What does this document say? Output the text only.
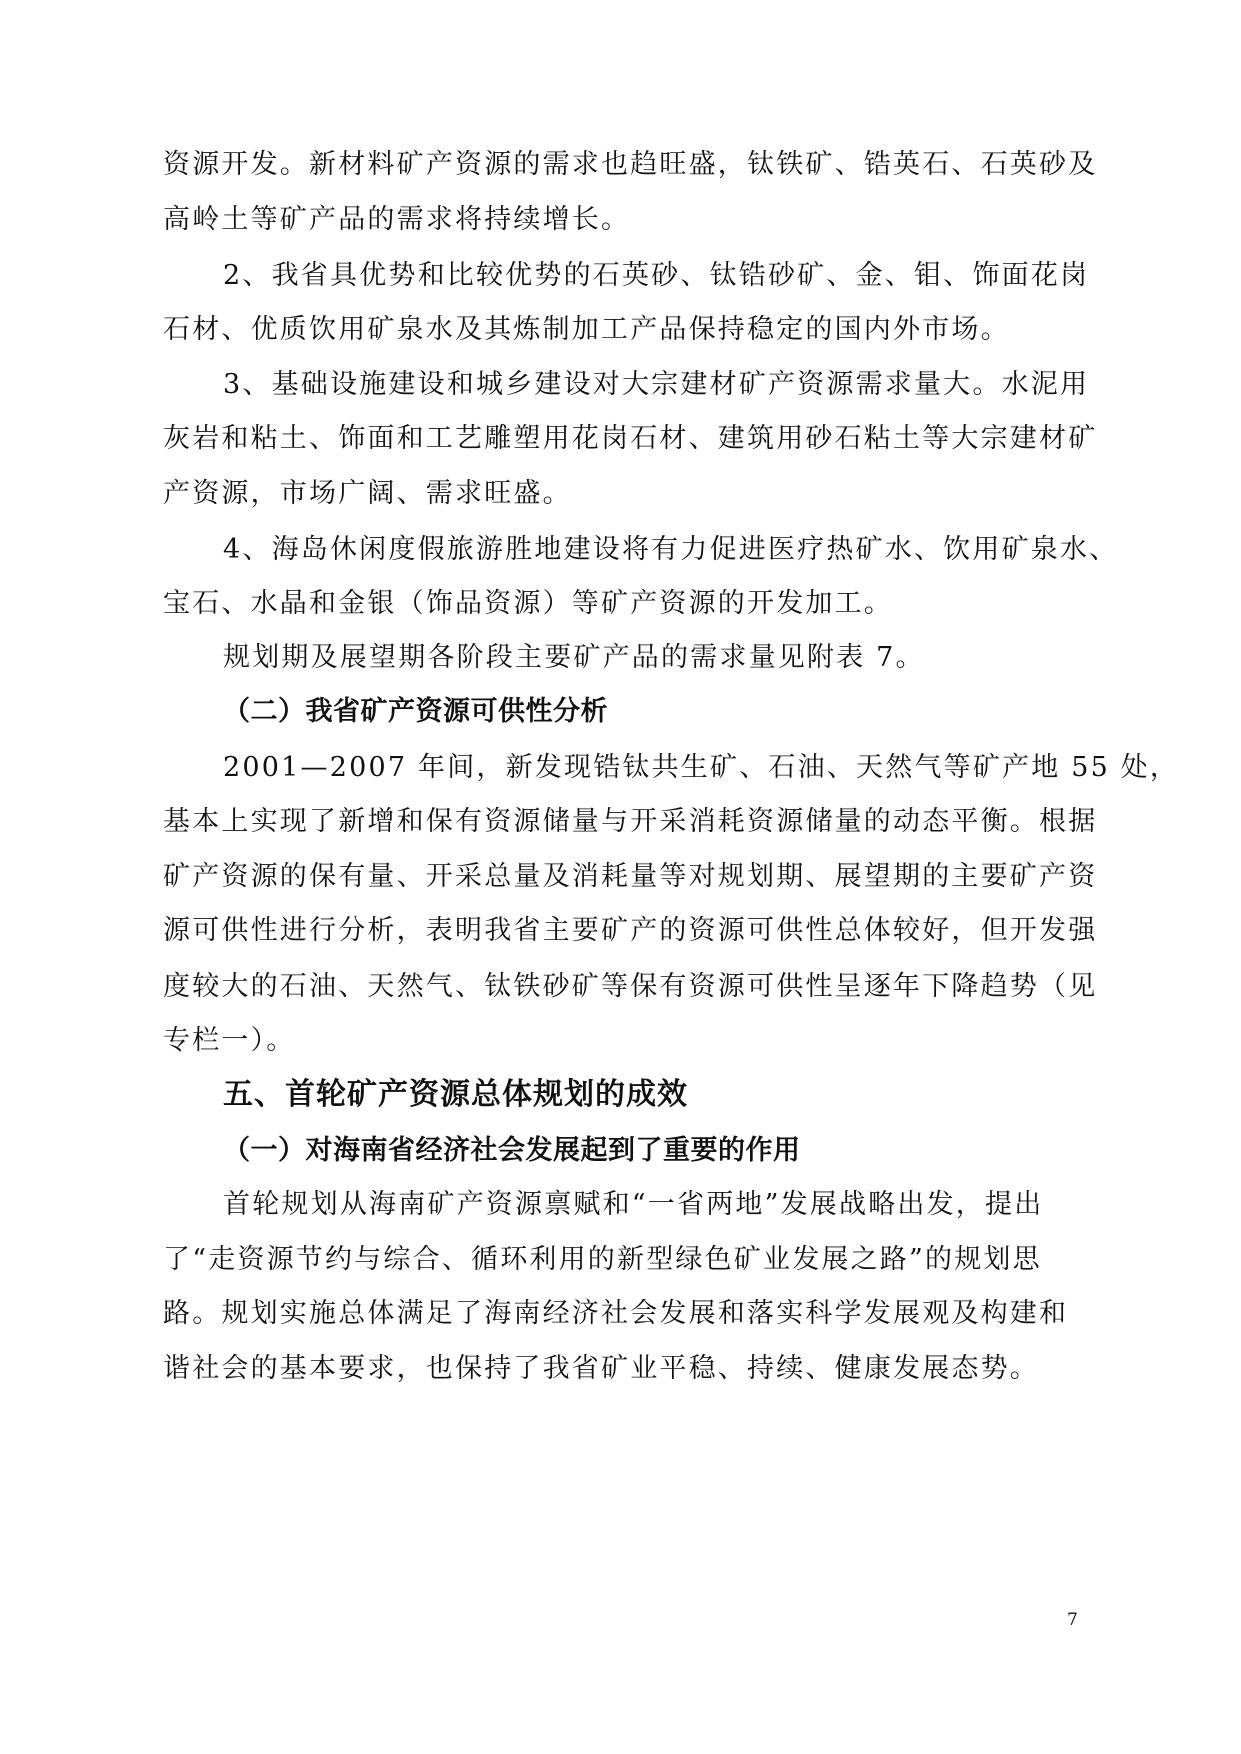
资源开发。新材料矿产资源的需求也趋旺盛，钛铁矿、锆英石、石英砂及
高岭土等矿产品的需求将持续增长。
2、我省具优势和比较优势的石英砂、钛锆砂矿、金、钼、饰面花岗
石材、优质饮用矿泉水及其炼制加工产品保持稳定的国内外市场。
3、基础设施建设和城乡建设对大宗建材矿产资源需求量大。水泥用
灰岩和粘土、饰面和工艺雕塑用花岗石材、建筑用砂石粘土等大宗建材矿
产资源，市场广阔、需求旺盛。
4、海岛休闲度假旅游胜地建设将有力促进医疗热矿水、饮用矿泉水、
宝石、水晶和金银（饰品资源）等矿产资源的开发加工。
规划期及展望期各阶段主要矿产品的需求量见附表 7。
（二）我省矿产资源可供性分析
2001—2007 年间，新发现锆钛共生矿、石油、天然气等矿产地 55 处，
基本上实现了新增和保有资源储量与开采消耗资源储量的动态平衡。根据
矿产资源的保有量、开采总量及消耗量等对规划期、展望期的主要矿产资
源可供性进行分析，表明我省主要矿产的资源可供性总体较好，但开发强
度较大的石油、天然气、钛铁砂矿等保有资源可供性呈逐年下降趋势（见
专栏一）。
五、首轮矿产资源总体规划的成效
（一）对海南省经济社会发展起到了重要的作用
首轮规划从海南矿产资源禀赋和“一省两地”发展战略出发，提出
了“走资源节约与综合、循环利用的新型绿色矿业发展之路”的规划思
路。规划实施总体满足了海南经济社会发展和落实科学发展观及构建和
谐社会的基本要求，也保持了我省矿业平稳、持续、健康发展态势。
7
